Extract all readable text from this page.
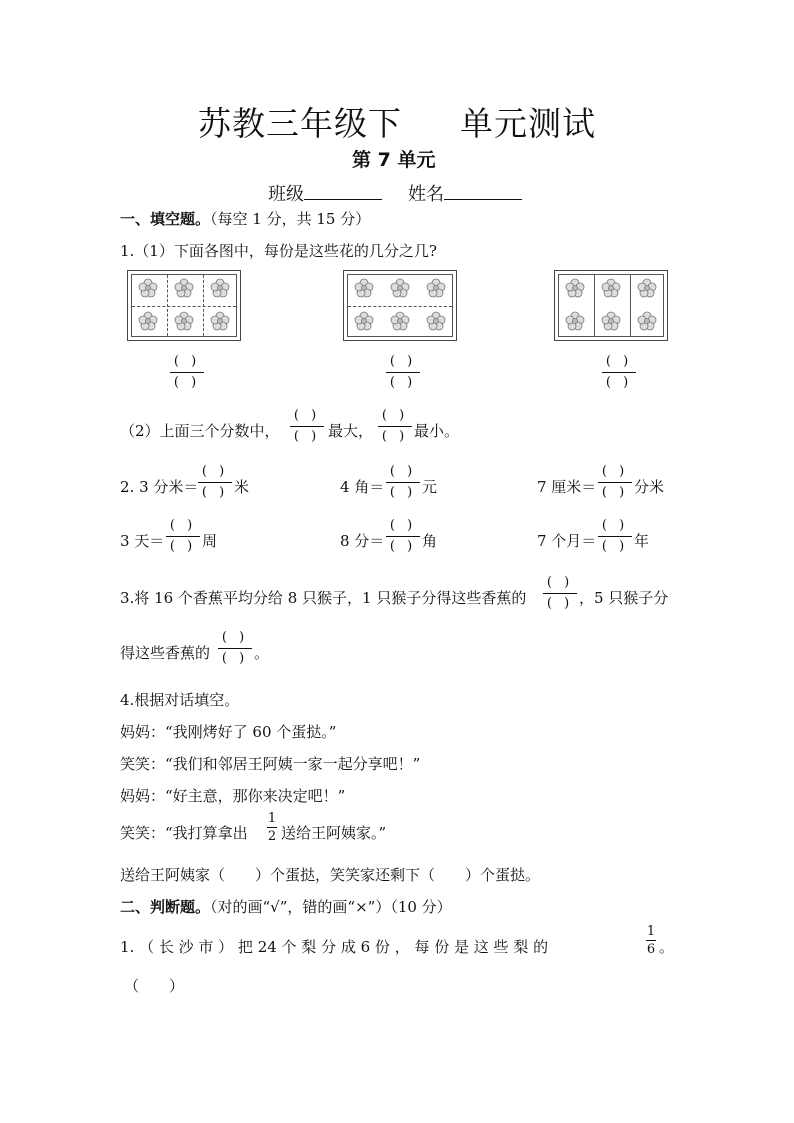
苏教三年级下 单元测试
第 7 单元
班级	姓名
一、填空题。（每空 1 分，共 15 分）
1.（1）下面各图中，每份是这些花的几分之几?
( )
( )
( )
( )
( )
( )
（2）上面三个分数中，
( )
( ) 最大，
( )
( ) 最小。
2. 3 分米＝
( )
( ) 米	4 角＝
( )
( ) 元	7 厘米＝
( )
( ) 分米
3 天＝
( )
( ) 周	8 分＝
( )
( ) 角	7 个月＝
( )
( ) 年
3.将 16 个香蕉平均分给 8 只猴子，1 只猴子分得这些香蕉的
( )
( ) ，5 只猴子分
得这些香蕉的
( )
( ) 。
4.根据对话填空。
妈妈：“我刚烤好了 60 个蛋挞。”
笑笑：“我们和邻居王阿姨一家一起分享吧！”
妈妈：“好主意，那你来决定吧！”
笑笑：“我打算拿出
1
2 送给王阿姨家。”
送给王阿姨家（　　）个蛋挞，笑笑家还剩下（　　）个蛋挞。
二、判断题。（对的画“√”，错的画“×”）（10 分）
1. （ 长 沙 市 ） 把 24 个 梨 分 成 6 份 ， 每 份 是 这 些 梨 的
1
6 。
（　　）
